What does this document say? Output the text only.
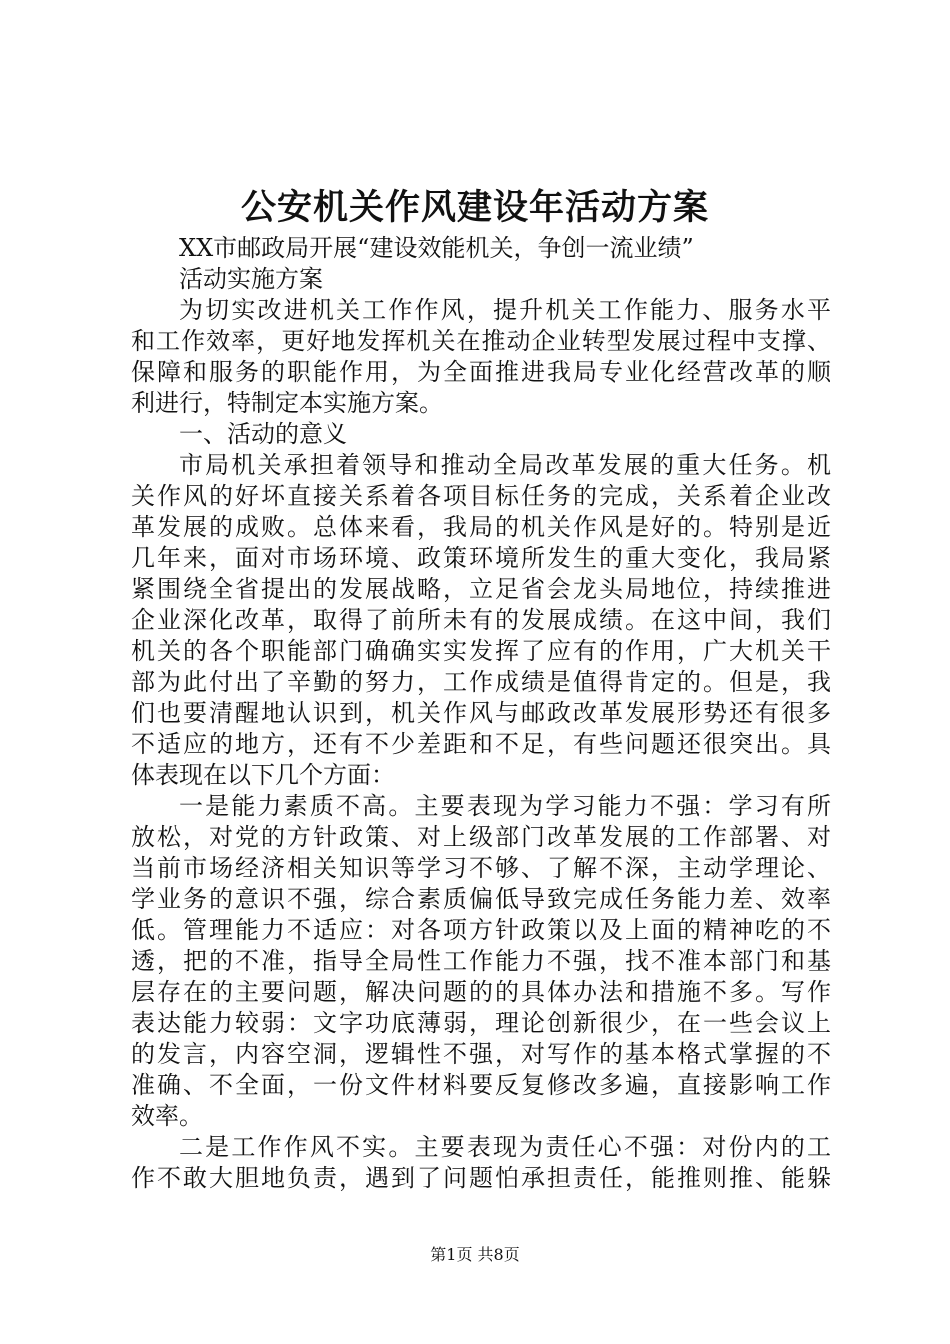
公安机关作风建设年活动方案
XX市邮政局开展“建设效能机关，争创一流业绩”
活动实施方案
为切实改进机关工作作风，提升机关工作能力、服务水平
和工作效率，更好地发挥机关在推动企业转型发展过程中支撑、
保障和服务的职能作用，为全面推进我局专业化经营改革的顺
利进行，特制定本实施方案。
一、活动的意义
市局机关承担着领导和推动全局改革发展的重大任务。机
关作风的好坏直接关系着各项目标任务的完成，关系着企业改
革发展的成败。总体来看，我局的机关作风是好的。特别是近
几年来，面对市场环境、政策环境所发生的重大变化，我局紧
紧围绕全省提出的发展战略，立足省会龙头局地位，持续推进
企业深化改革，取得了前所未有的发展成绩。在这中间，我们
机关的各个职能部门确确实实发挥了应有的作用，广大机关干
部为此付出了辛勤的努力，工作成绩是值得肯定的。但是，我
们也要清醒地认识到，机关作风与邮政改革发展形势还有很多
不适应的地方，还有不少差距和不足，有些问题还很突出。具
体表现在以下几个方面：
一是能力素质不高。主要表现为学习能力不强：学习有所
放松，对党的方针政策、对上级部门改革发展的工作部署、对
当前市场经济相关知识等学习不够、了解不深，主动学理论、
学业务的意识不强，综合素质偏低导致完成任务能力差、效率
低。管理能力不适应：对各项方针政策以及上面的精神吃的不
透，把的不准，指导全局性工作能力不强，找不准本部门和基
层存在的主要问题，解决问题的的具体办法和措施不多。写作
表达能力较弱：文字功底薄弱，理论创新很少，在一些会议上
的发言，内容空洞，逻辑性不强，对写作的基本格式掌握的不
准确、不全面，一份文件材料要反复修改多遍，直接影响工作
效率。
二是工作作风不实。主要表现为责任心不强：对份内的工
作不敢大胆地负责，遇到了问题怕承担责任，能推则推、能躲
第1页 共8页
